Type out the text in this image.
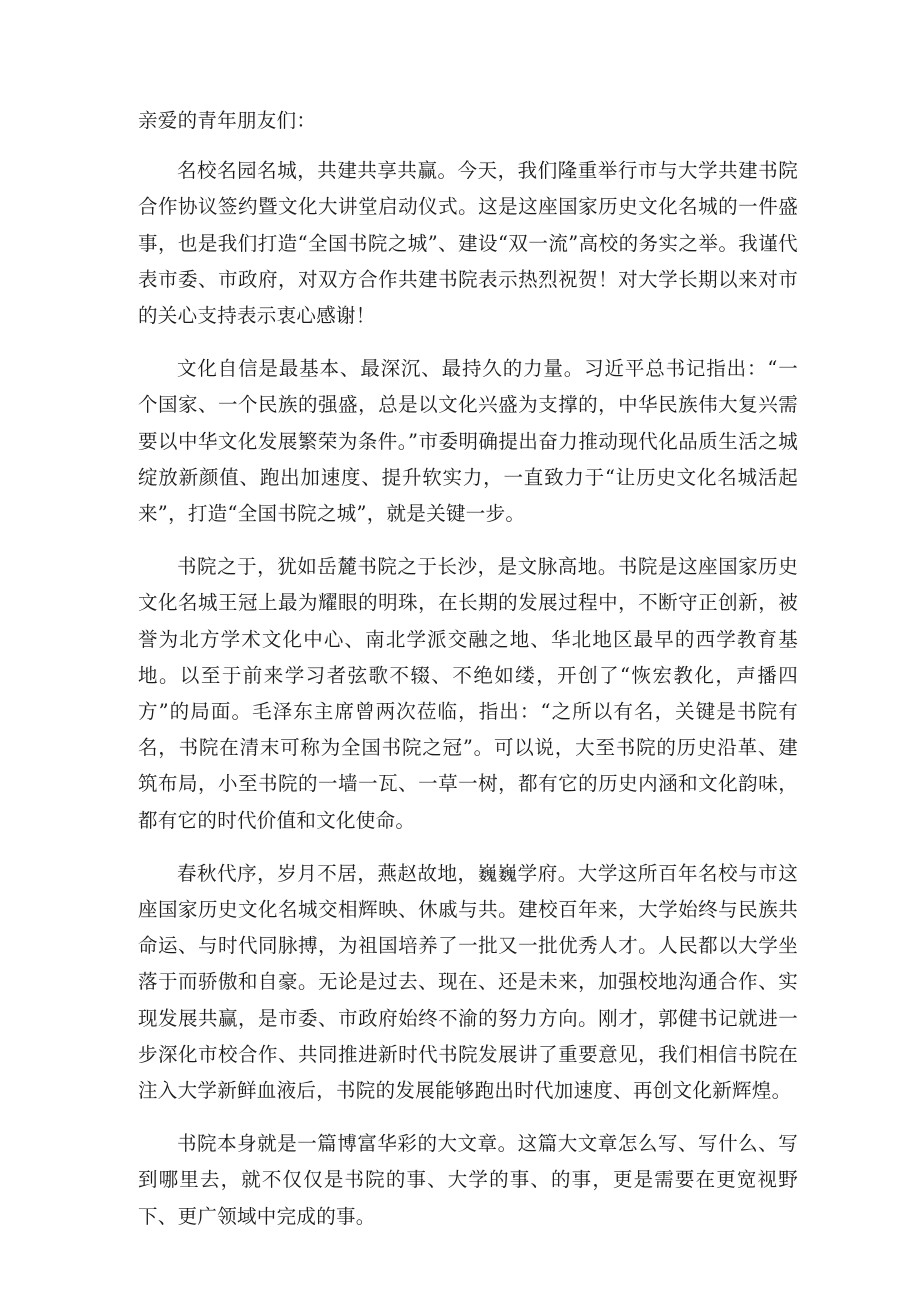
亲爱的青年朋友们：

名校名园名城，共建共享共赢。今天，我们隆重举行市与大学共建书院合作协议签约暨文化大讲堂启动仪式。这是这座国家历史文化名城的一件盛事，也是我们打造“全国书院之城”、建设“双一流”高校的务实之举。我谨代表市委、市政府，对双方合作共建书院表示热烈祝贺！对大学长期以来对市的关心支持表示衷心感谢！

文化自信是最基本、最深沉、最持久的力量。习近平总书记指出：“一个国家、一个民族的强盛，总是以文化兴盛为支撑的，中华民族伟大复兴需要以中华文化发展繁荣为条件。”市委明确提出奋力推动现代化品质生活之城绽放新颜值、跑出加速度、提升软实力，一直致力于“让历史文化名城活起来”，打造“全国书院之城”，就是关键一步。

书院之于，犹如岳麓书院之于长沙，是文脉高地。书院是这座国家历史文化名城王冠上最为耀眼的明珠，在长期的发展过程中，不断守正创新，被誉为北方学术文化中心、南北学派交融之地、华北地区最早的西学教育基地。以至于前来学习者弦歌不辍、不绝如缕，开创了“恢宏教化，声播四方”的局面。毛泽东主席曾两次莅临，指出：“之所以有名，关键是书院有名，书院在清末可称为全国书院之冠”。可以说，大至书院的历史沿革、建筑布局，小至书院的一墙一瓦、一草一树，都有它的历史内涵和文化韵味，都有它的时代价值和文化使命。

春秋代序，岁月不居，燕赵故地，巍巍学府。大学这所百年名校与市这座国家历史文化名城交相辉映、休戚与共。建校百年来，大学始终与民族共命运、与时代同脉搏，为祖国培养了一批又一批优秀人才。人民都以大学坐落于而骄傲和自豪。无论是过去、现在、还是未来，加强校地沟通合作、实现发展共赢，是市委、市政府始终不渝的努力方向。刚才，郭健书记就进一步深化市校合作、共同推进新时代书院发展讲了重要意见，我们相信书院在注入大学新鲜血液后，书院的发展能够跑出时代加速度、再创文化新辉煌。

书院本身就是一篇博富华彩的大文章。这篇大文章怎么写、写什么、写到哪里去，就不仅仅是书院的事、大学的事、的事，更是需要在更宽视野下、更广领域中完成的事。
